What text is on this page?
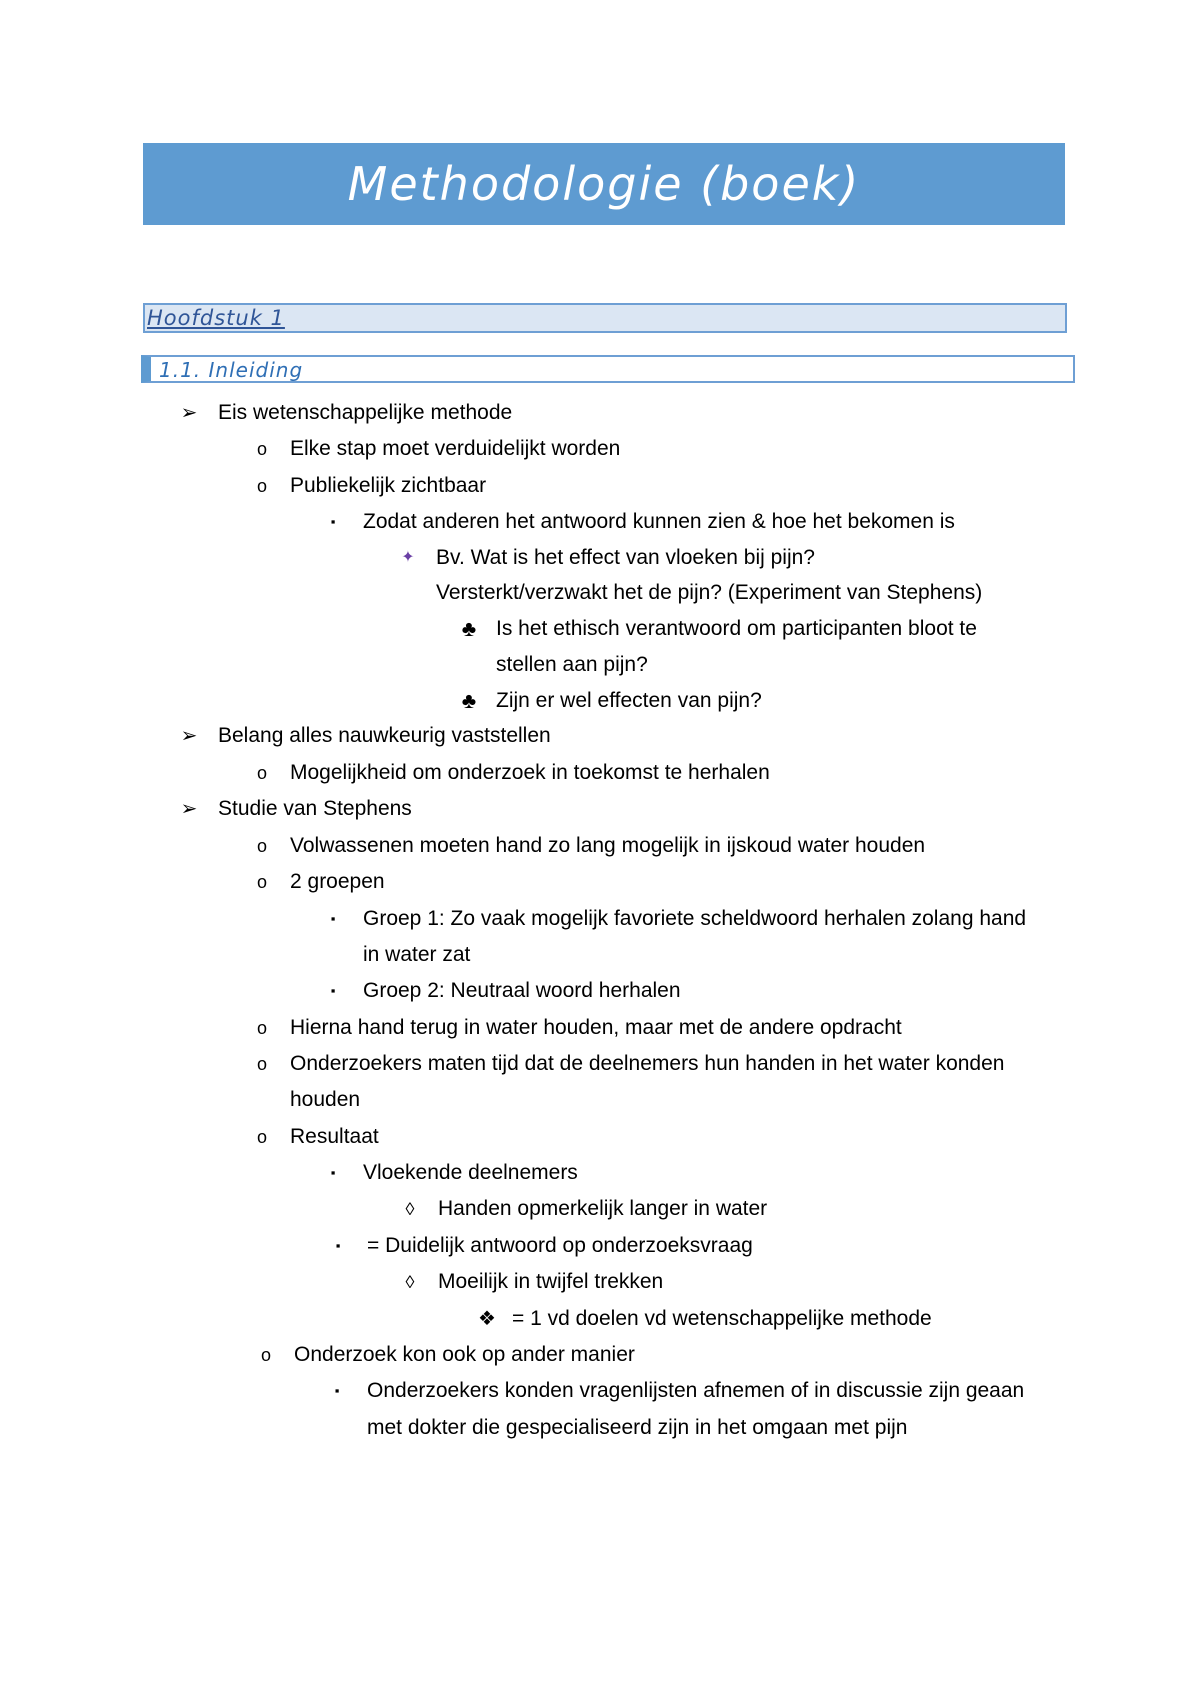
Methodologie (boek)
Hoofdstuk 1
1.1. Inleiding
➢ Eis wetenschappelijke methode
o	Elke stap moet verduidelijkt worden
o	Publiekelijk zichtbaar
▪	Zodat anderen het antwoord kunnen zien & hoe het bekomen is
✦ Bv. Wat is het effect van vloeken bij pijn?
Versterkt/verzwakt het de pijn? (Experiment van Stephens)
♣ Is het ethisch verantwoord om participanten bloot te
stellen aan pijn?
♣ Zijn er wel effecten van pijn?
➢ Belang alles nauwkeurig vaststellen
o	Mogelijkheid om onderzoek in toekomst te herhalen
➢ Studie van Stephens
o	Volwassenen moeten hand zo lang mogelijk in ijskoud water houden
o	2 groepen
▪	Groep 1: Zo vaak mogelijk favoriete scheldwoord herhalen zolang hand
in water zat
▪	Groep 2: Neutraal woord herhalen
o	Hierna hand terug in water houden, maar met de andere opdracht
o	Onderzoekers maten tijd dat de deelnemers hun handen in het water konden
houden
o	Resultaat
▪	Vloekende deelnemers
◊	Handen opmerkelijk langer in water
▪	= Duidelijk antwoord op onderzoeksvraag
◊	Moeilijk in twijfel trekken
❖ = 1 vd doelen vd wetenschappelijke methode
o	Onderzoek kon ook op ander manier
▪	Onderzoekers konden vragenlijsten afnemen of in discussie zijn geaan
met dokter die gespecialiseerd zijn in het omgaan met pijn
